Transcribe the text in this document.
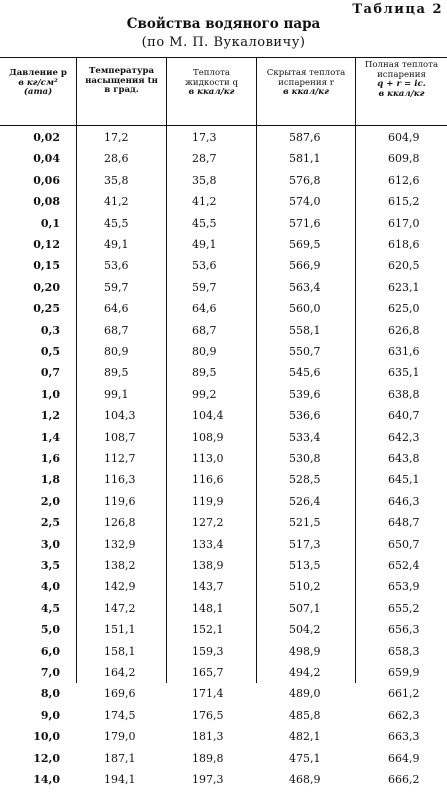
Таблица 2
Свойства водяного пара
(по М. П. Вукаловичу)
Давление p
в кг/см²
(ата)
Температура
насыщения tн
в град.
Теплота
жидкости q
в ккал/кг
Скрытая теплота
испарения r
в ккал/кг
Полная теплота
испарения
q + r = iс.
в ккал/кг
0,02	17,2	17,3	587,6	604,9
0,04	28,6	28,7	581,1	609,8
0,06	35,8	35,8	576,8	612,6
0,08	41,2	41,2	574,0	615,2
0,1	45,5	45,5	571,6	617,0
0,12	49,1	49,1	569,5	618,6
0,15	53,6	53,6	566,9	620,5
0,20	59,7	59,7	563,4	623,1
0,25	64,6	64,6	560,0	625,0
0,3	68,7	68,7	558,1	626,8
0,5	80,9	80,9	550,7	631,6
0,7	89,5	89,5	545,6	635,1
1,0	99,1	99,2	539,6	638,8
1,2	104,3	104,4	536,6	640,7
1,4	108,7	108,9	533,4	642,3
1,6	112,7	113,0	530,8	643,8
1,8	116,3	116,6	528,5	645,1
2,0	119,6	119,9	526,4	646,3
2,5	126,8	127,2	521,5	648,7
3,0	132,9	133,4	517,3	650,7
3,5	138,2	138,9	513,5	652,4
4,0	142,9	143,7	510,2	653,9
4,5	147,2	148,1	507,1	655,2
5,0	151,1	152,1	504,2	656,3
6,0	158,1	159,3	498,9	658,3
7,0	164,2	165,7	494,2	659,9
8,0	169,6	171,4	489,0	661,2
9,0	174,5	176,5	485,8	662,3
10,0	179,0	181,3	482,1	663,3
12,0	187,1	189,8	475,1	664,9
14,0	194,1	197,3	468,9	666,2
